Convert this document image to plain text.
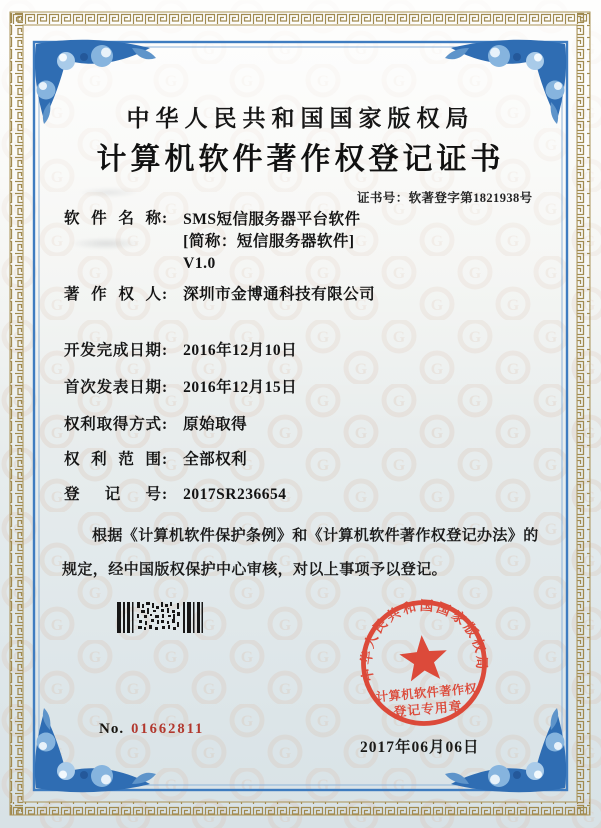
中华人民共和国国家版权局
计算机软件著作权登记证书
证书号：软著登字第1821938号
软件名称 : SMS短信服务器平台软件
[简称：短信服务器软件]
V1.0
著作权人 : 深圳市金博通科技有限公司
开发完成日期 : 2016年12月10日
首次发表日期 : 2016年12月15日
权利取得方式 : 原始取得
权利范围 : 全部权利
登记号 : 2017SR236654
根据《计算机软件保护条例》和《计算机软件著作权登记办法》的
规定，经中国版权保护中心审核，对以上事项予以登记。
No. 01662811
中华人民共和国国家版权局
计算机软件著作权
登记专用章
2017年06月06日
